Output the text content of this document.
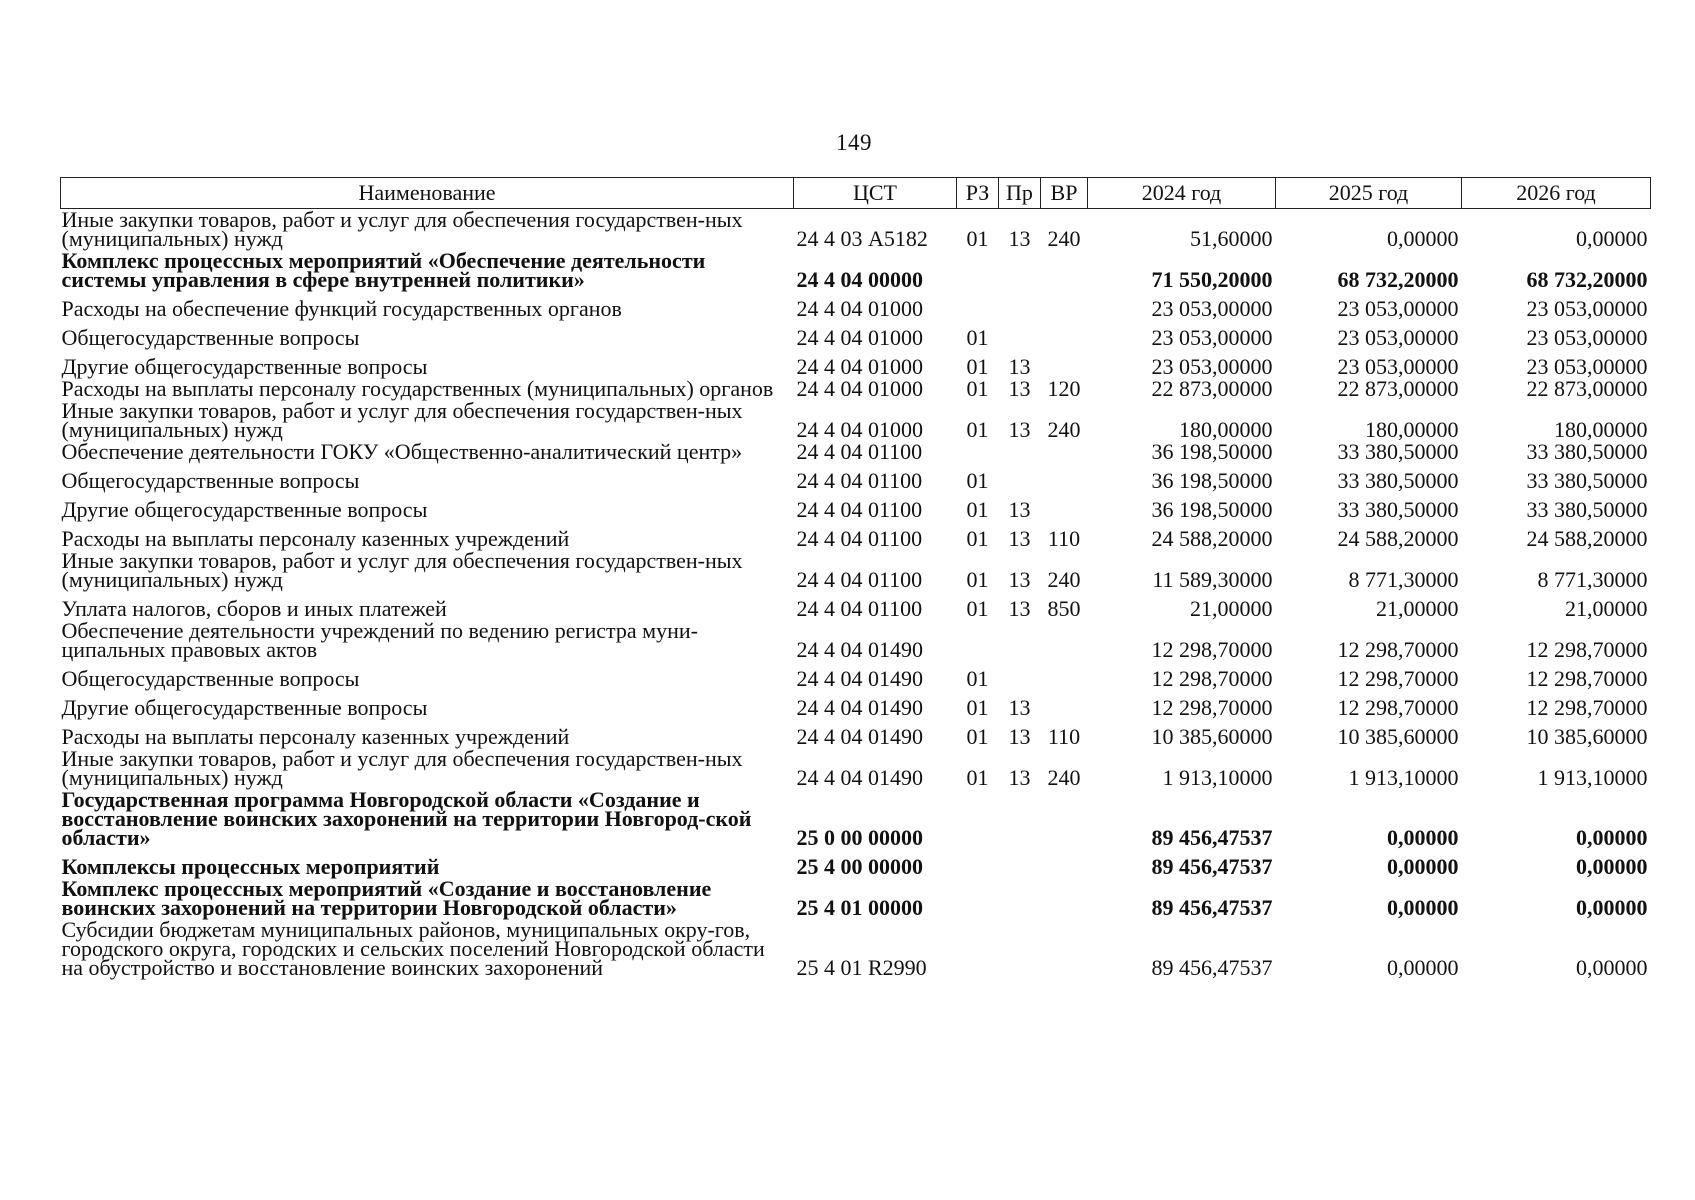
149
Наименование	ЦСТ	РЗ	Пр	ВР	2024 год	2025 год	2026 год
Иные закупки товаров, работ и услуг для обеспечения государствен-ных (муниципальных) нужд	24 4 03 А5182	01	13	240	51,60000	0,00000	0,00000
Комплекс процессных мероприятий «Обеспечение деятельности системы управления в сфере внутренней политики»	24 4 04 00000				71 550,20000	68 732,20000	68 732,20000
Расходы на обеспечение функций государственных органов	24 4 04 01000				23 053,00000	23 053,00000	23 053,00000
Общегосударственные вопросы	24 4 04 01000	01			23 053,00000	23 053,00000	23 053,00000
Другие общегосударственные вопросы	24 4 04 01000	01	13		23 053,00000	23 053,00000	23 053,00000
Расходы на выплаты персоналу государственных (муниципальных) органов	24 4 04 01000	01	13	120	22 873,00000	22 873,00000	22 873,00000
Иные закупки товаров, работ и услуг для обеспечения государствен-ных (муниципальных) нужд	24 4 04 01000	01	13	240	180,00000	180,00000	180,00000
Обеспечение деятельности ГОКУ «Общественно-аналитический центр»	24 4 04 01100				36 198,50000	33 380,50000	33 380,50000
Общегосударственные вопросы	24 4 04 01100	01			36 198,50000	33 380,50000	33 380,50000
Другие общегосударственные вопросы	24 4 04 01100	01	13		36 198,50000	33 380,50000	33 380,50000
Расходы на выплаты персоналу казенных учреждений	24 4 04 01100	01	13	110	24 588,20000	24 588,20000	24 588,20000
Иные закупки товаров, работ и услуг для обеспечения государствен-ных (муниципальных) нужд	24 4 04 01100	01	13	240	11 589,30000	8 771,30000	8 771,30000
Уплата налогов, сборов и иных платежей	24 4 04 01100	01	13	850	21,00000	21,00000	21,00000
Обеспечение деятельности учреждений по ведению регистра муни-ципальных правовых актов	24 4 04 01490				12 298,70000	12 298,70000	12 298,70000
Общегосударственные вопросы	24 4 04 01490	01			12 298,70000	12 298,70000	12 298,70000
Другие общегосударственные вопросы	24 4 04 01490	01	13		12 298,70000	12 298,70000	12 298,70000
Расходы на выплаты персоналу казенных учреждений	24 4 04 01490	01	13	110	10 385,60000	10 385,60000	10 385,60000
Иные закупки товаров, работ и услуг для обеспечения государствен-ных (муниципальных) нужд	24 4 04 01490	01	13	240	1 913,10000	1 913,10000	1 913,10000
Государственная программа Новгородской области «Создание и восстановление воинских захоронений на территории Новгород-ской области»	25 0 00 00000				89 456,47537	0,00000	0,00000
Комплексы процессных мероприятий	25 4 00 00000				89 456,47537	0,00000	0,00000
Комплекс процессных мероприятий «Создание и восстановление воинских захоронений на территории Новгородской области»	25 4 01 00000				89 456,47537	0,00000	0,00000
Субсидии бюджетам муниципальных районов, муниципальных окру-гов, городского округа, городских и сельских поселений Новгородской области на обустройство и восстановление воинских захоронений	25 4 01 R2990				89 456,47537	0,00000	0,00000
